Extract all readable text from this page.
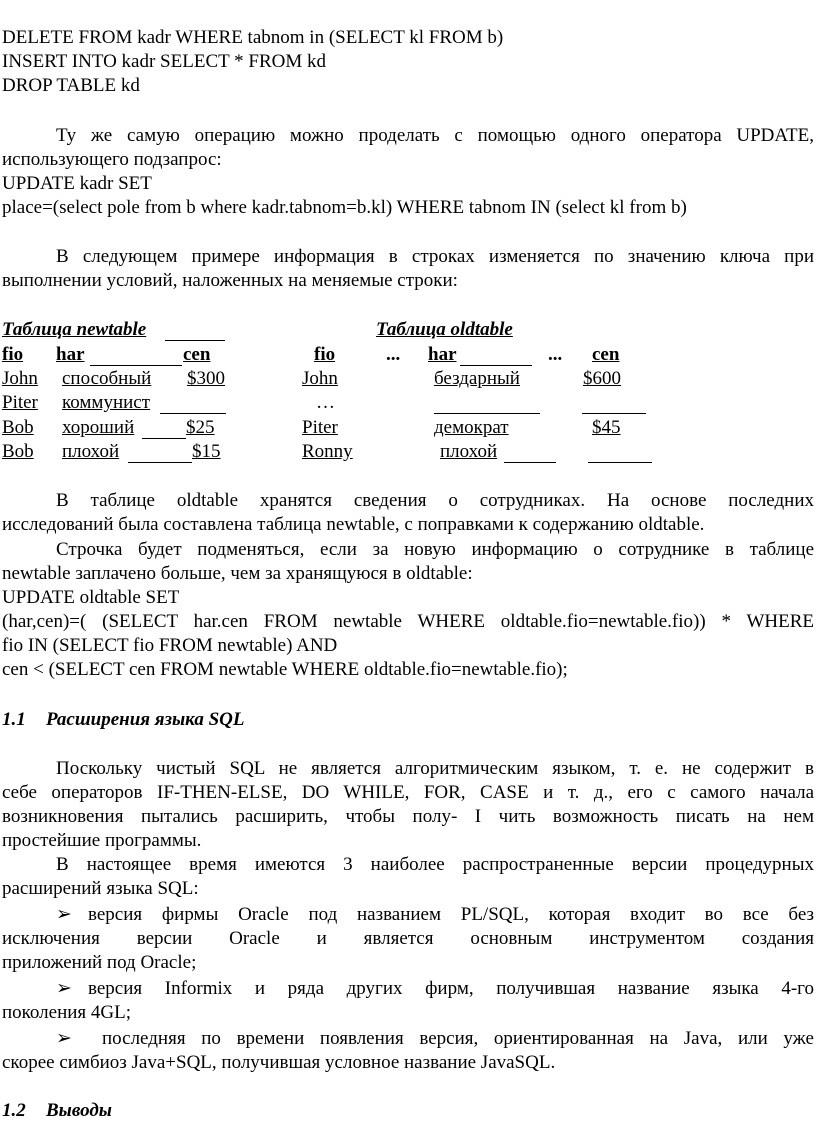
DELETE FROM kadr WHERE tabnom in (SELECT kl FROM b)
INSERT INTO kadr SELECT * FROM kd
DROP TABLE kd
Ту же самую операцию можно проделать с помощью одного оператора UPDATE,
использующего подзапрос:
UPDATE kadr SET
place=(select pole from b where kadr.tabnom=b.kl) WHERE tabnom IN (select kl from b)
В следующем примере информация в строках изменяется по значению ключа при
выполнении условий, наложенных на меняемые строки:
Таблица newtable
fio har	cen
John способный $300
Piter коммунист
Bob хороший	$25
Bob плохой	$15
Таблица oldtable
fio	... har	... cen
John	бездарный	$600
…
Piter	демократ	$45
Ronny	плохой
В таблице oldtable хранятся сведения о сотрудниках. На основе последних
исследований была составлена таблица newtable, с поправками к содержанию oldtable.
Строчка будет подменяться, если за новую информацию о сотруднике в таблице
newtable заплачено больше, чем за хранящуюся в oldtable:
UPDATE oldtable SET
(har,cen)=( (SELECT har.cen FROM newtable WHERE oldtable.fio=newtable.fio)) * WHERE
fio IN (SELECT fio FROM newtable) AND
cen < (SELECT cen FROM newtable WHERE oldtable.fio=newtable.fio);
1.1 Расширения языка SQL
Поскольку чистый SQL не является алгоритмическим языком, т. е. не содержит в
себе операторов IF-THEN-ELSE, DO WHILE, FOR, CASE и т. д., его с самого начала
возникновения пытались расширить, чтобы полу- I чить возможность писать на нем
простейшие программы.
В настоящее время имеются 3 наиболее распространенные версии процедурных
расширений языка SQL:
➢ версия фирмы Oracle под названием PL/SQL, которая входит во все без
исключения версии Oracle и является основным инструментом создания
приложений под Oracle;
➢ версия Informix и ряда других фирм, получившая название языка 4-го
поколения 4GL;
➢	последняя по времени появления версия, ориентированная на Java, или уже
скорее симбиоз Java+SQL, получившая условное название JavaSQL.
1.2 Выводы
